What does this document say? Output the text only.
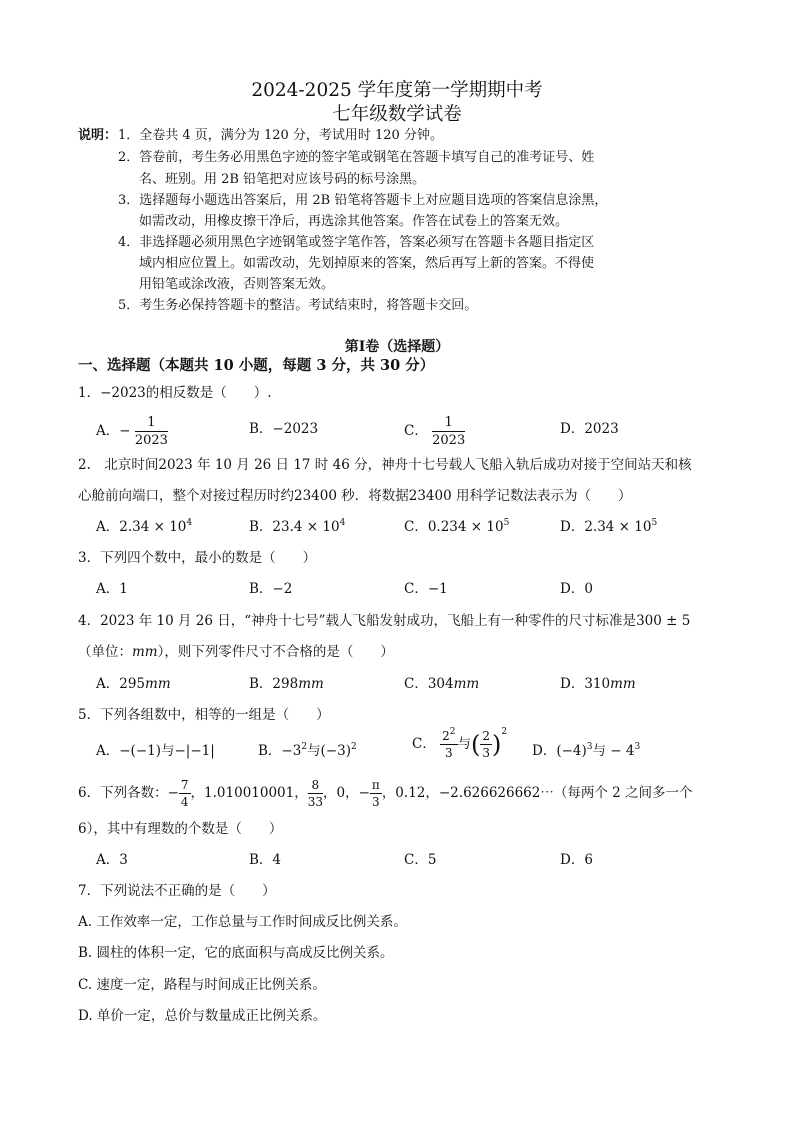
2024-2025 学年度第一学期期中考
七年级数学试卷
说明： 1．全卷共 4 页，满分为 120 分，考试用时 120 分钟。
2．答卷前，考生务必用黑色字迹的签字笔或钢笔在答题卡填写自己的准考证号、姓
名、班别。用 2B 铅笔把对应该号码的标号涂黑。
3．选择题每小题选出答案后，用 2B 铅笔将答题卡上对应题目选项的答案信息涂黑，
如需改动，用橡皮擦干净后，再选涂其他答案。作答在试卷上的答案无效。
4．非选择题必须用黑色字迹钢笔或签字笔作答，答案必须写在答题卡各题目指定区
域内相应位置上。如需改动，先划掉原来的答案，然后再写上新的答案。不得使
用铅笔或涂改液，否则答案无效。
5．考生务必保持答题卡的整洁。考试结束时，将答题卡交回。
第Ⅰ卷（选择题）
一、选择题（本题共 10 小题，每题 3 分，共 30 分）
1．−2023的相反数是（　　）.
A．− $\frac{1}{2023}$	B．−2023	C． $\frac{1}{2023}$	D．2023
2.　北京时间2023 年 10 月 26 日 17 时 46 分，神舟十七号载人飞船入轨后成功对接于空间站天和核
心舱前向端口，整个对接过程历时约23400 秒．将数据23400 用科学记数法表示为（　　）
A．$2.34 \times 10^4$	B．$23.4 \times 10^4$	C．$0.234 \times 10^5$	D．$2.34 \times 10^5$
3．下列四个数中，最小的数是（　　）
A．1	B．−2	C．−1	D．0
4．2023 年 10 月 26 日，“神舟十七号”载人飞船发射成功，飞船上有一种零件的尺寸标准是300 ± 5
（单位：mm），则下列零件尺寸不合格的是（　　）
A．295mm	B．298mm	C．304mm	D．310mm
5．下列各组数中，相等的一组是（　　）
A．−(−1)与−|−1|	B．$-3^2$与$(-3)^2$	C． $\frac{2^2}{3}$ 与( $\frac{2}{3} )^2$
D．$(-4)^3$与 − $4^3$
6．下列各数：− $\frac{7}{4}$ ，1.010010001， $\frac{8}{33}$ ，0，− $\frac{\pi}{3}$ ，0.12，−2.626626662⋯（每两个 2 之间多一个
6），其中有理数的个数是（　　）
A．3	B．4	C．5	D．6
7．下列说法不正确的是（　　）
A. 工作效率一定，工作总量与工作时间成反比例关系。
B. 圆柱的体积一定，它的底面积与高成反比例关系。
C. 速度一定，路程与时间成正比例关系。
D. 单价一定，总价与数量成正比例关系。
